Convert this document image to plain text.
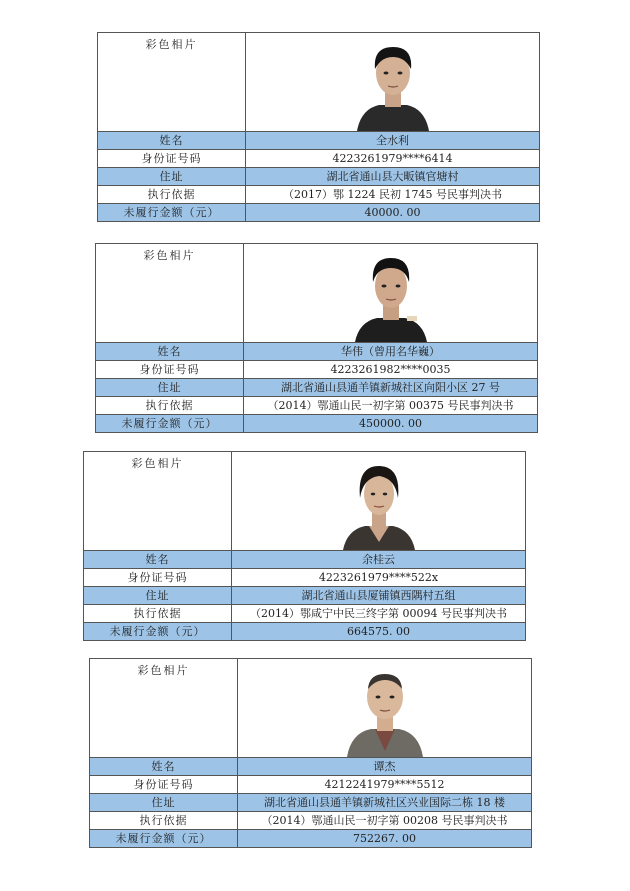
彩色相片
姓名	全水利
身份证号码	4223261979****6414
住址	湖北省通山县大畈镇官塘村
执行依据	（2017）鄂 1224 民初 1745 号民事判决书
未履行金额（元）	40000. 00
彩色相片
姓名	华伟（曾用名华巍）
身份证号码	4223261982****0035
住址	湖北省通山县通羊镇新城社区向阳小区 27 号
执行依据	（2014）鄂通山民一初字第 00375 号民事判决书
未履行金额（元）	450000. 00
彩色相片
姓名	余桂云
身份证号码	4223261979****522x
住址	湖北省通山县厦铺镇西隅村五组
执行依据	（2014）鄂咸宁中民三终字第 00094 号民事判决书
未履行金额（元）	664575. 00
彩色相片
姓名	谭杰
身份证号码	4212241979****5512
住址	湖北省通山县通羊镇新城社区兴业国际二栋 18 楼
执行依据	（2014）鄂通山民一初字第 00208 号民事判决书
未履行金额（元）	752267. 00
